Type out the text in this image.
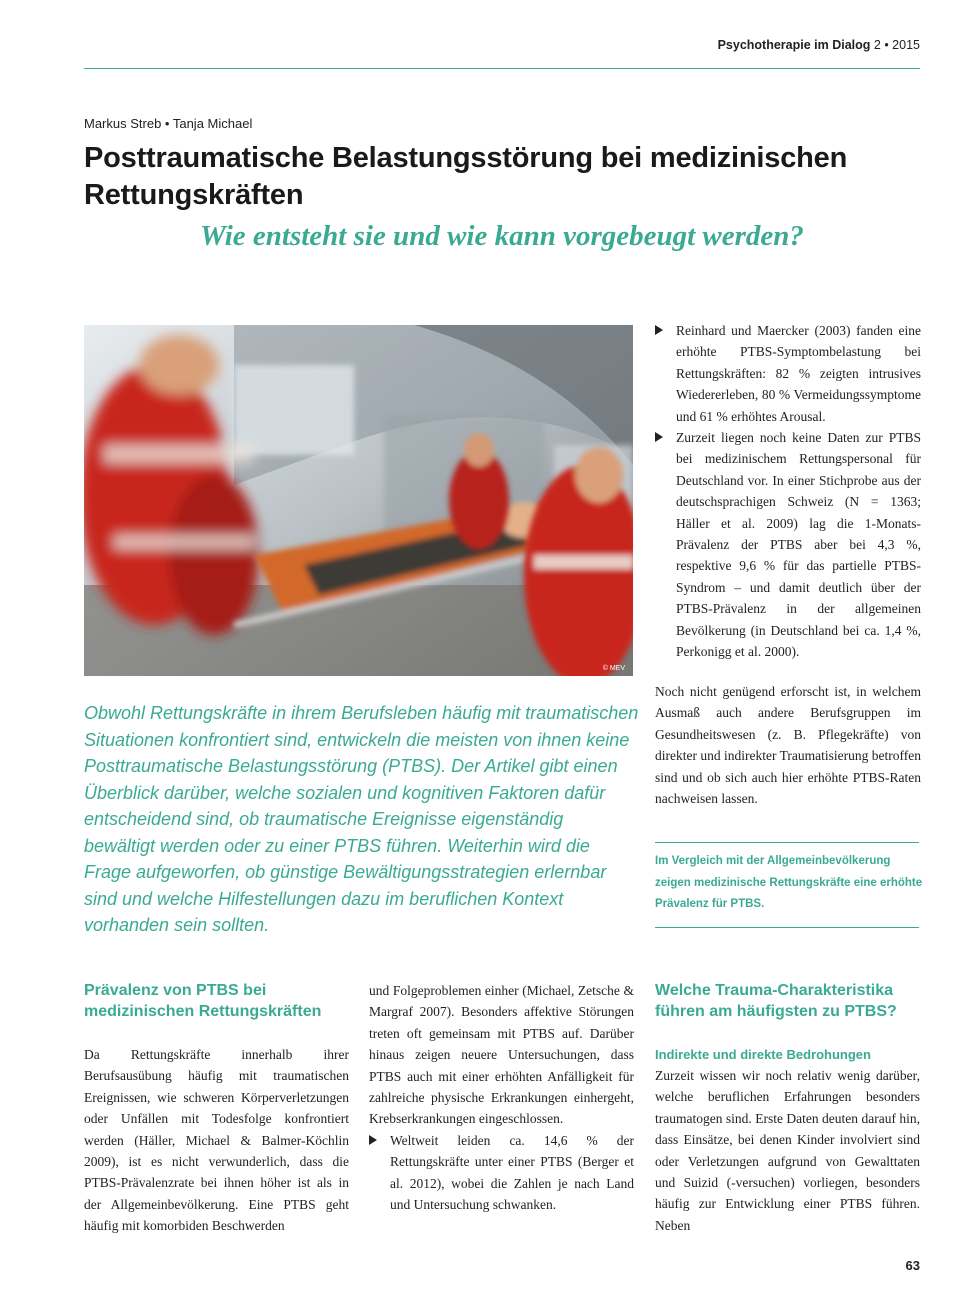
Psychotherapie im Dialog 2 • 2015
Markus Streb • Tanja Michael
Posttraumatische Belastungsstörung bei medizinischen Rettungskräften
Wie entsteht sie und wie kann vorgebeugt werden?
© MEV

Obwohl Rettungskräfte in ihrem Berufsleben häufig mit traumatischen Situationen konfrontiert sind, entwickeln die meisten von ihnen keine Posttraumatische Belastungsstörung (PTBS). Der Artikel gibt einen Überblick darüber, welche sozialen und kognitiven Faktoren dafür entscheidend sind, ob traumatische Ereignisse eigenständig bewältigt werden oder zu einer PTBS führen. Weiterhin wird die Frage aufgeworfen, ob günstige Bewältigungsstrategien erlernbar sind und welche Hilfestellungen dazu im beruflichen Kontext vorhanden sein sollten.

Reinhard und Maercker (2003) fanden eine erhöhte PTBS-Symptombelastung bei Rettungskräften: 82 % zeigten intrusives Wiedererleben, 80 % Vermeidungssymptome und 61 % erhöhtes Arousal.
Zurzeit liegen noch keine Daten zur PTBS bei medizinischem Rettungspersonal für Deutschland vor. In einer Stichprobe aus der deutschsprachigen Schweiz (N = 1363; Häller et al. 2009) lag die 1-Monats-Prävalenz der PTBS aber bei 4,3 %, respektive 9,6 % für das partielle PTBS-Syndrom – und damit deutlich über der PTBS-Prävalenz in der allgemeinen Bevölkerung (in Deutschland bei ca. 1,4 %, Perkonigg et al. 2000).

Noch nicht genügend erforscht ist, in welchem Ausmaß auch andere Berufsgruppen im Gesundheitswesen (z. B. Pflegekräfte) von direkter und indirekter Traumatisierung betroffen sind und ob sich auch hier erhöhte PTBS-Raten nachweisen lassen.

Im Vergleich mit der Allgemeinbevölkerung zeigen medizinische Rettungskräfte eine erhöhte Prävalenz für PTBS.

Prävalenz von PTBS bei medizinischen Rettungskräften

Da Rettungskräfte innerhalb ihrer Berufsausübung häufig mit traumatischen Ereignissen, wie schweren Körperverletzungen oder Unfällen mit Todesfolge konfrontiert werden (Häller, Michael & Balmer-Köchlin 2009), ist es nicht verwunderlich, dass die PTBS-Prävalenzrate bei ihnen höher ist als in der Allgemeinbevölkerung. Eine PTBS geht häufig mit komorbiden Beschwerden

und Folgeproblemen einher (Michael, Zetsche & Margraf 2007). Besonders affektive Störungen treten oft gemeinsam mit PTBS auf. Darüber hinaus zeigen neuere Untersuchungen, dass PTBS auch mit einer erhöhten Anfälligkeit für zahlreiche physische Erkrankungen einhergeht, Krebserkrankungen eingeschlossen.

Weltweit leiden ca. 14,6 % der Rettungskräfte unter einer PTBS (Berger et al. 2012), wobei die Zahlen je nach Land und Untersuchung schwanken.
Welche Trauma-Charakteristika führen am häufigsten zu PTBS?
Indirekte und direkte Bedrohungen

Zurzeit wissen wir noch relativ wenig darüber, welche beruflichen Erfahrungen besonders traumatogen sind. Erste Daten deuten darauf hin, dass Einsätze, bei denen Kinder involviert sind oder Verletzungen aufgrund von Gewalttaten und Suizid (-versuchen) vorliegen, besonders häufig zur Entwicklung einer PTBS führen. Neben

63
